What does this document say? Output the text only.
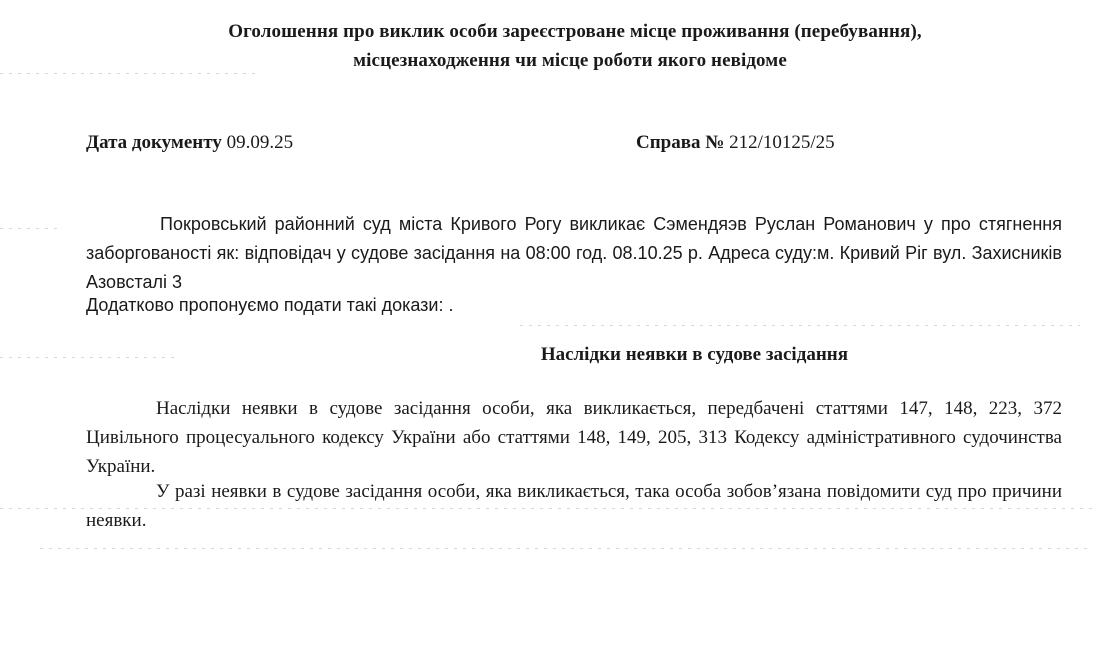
Оголошення про виклик особи зареєстроване місце проживання (перебування),
місцезнаходження чи місце роботи якого невідоме
Дата документу 09.09.25	Справа № 212/10125/25
Покровський районний суд міста Кривого Рогу викликає Сэмендяэв Руслан Романович у про стягнення заборгованості як: відповідач у судове засідання на 08:00 год. 08.10.25 р. Адреса суду:м. Кривий Ріг вул. Захисників Азовсталі 3
Додатково пропонуємо подати такі докази: .
Наслідки неявки в судове засідання
Наслідки неявки в судове засідання особи, яка викликається, передбачені статтями 147, 148, 223, 372 Цивільного процесуального кодексу України або статтями 148, 149, 205, 313 Кодексу адміністративного судочинства України.
У разі неявки в судове засідання особи, яка викликається, така особа зобов’язана повідомити суд про причини неявки.
